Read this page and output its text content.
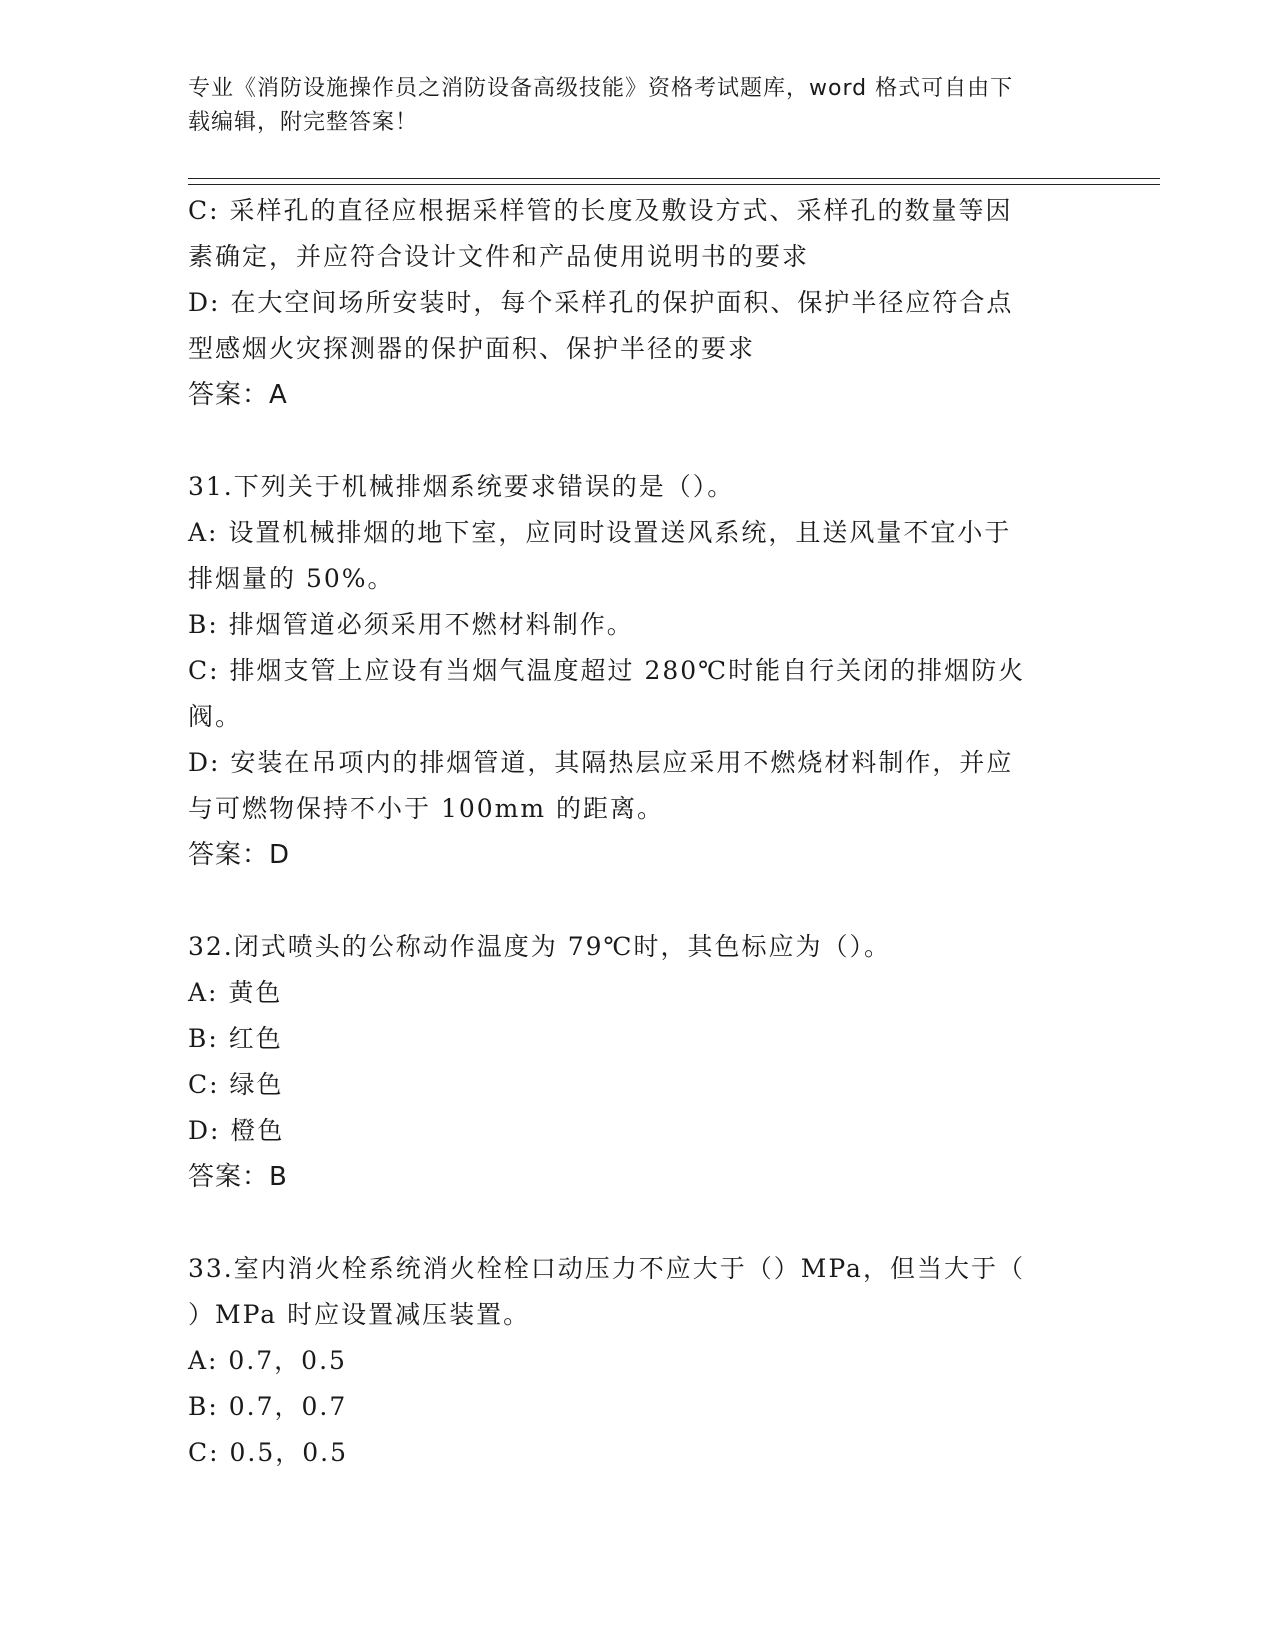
专业《消防设施操作员之消防设备高级技能》资格考试题库，word 格式可自由下
载编辑，附完整答案！
C: 采样孔的直径应根据采样管的长度及敷设方式、采样孔的数量等因
素确定，并应符合设计文件和产品使用说明书的要求
D: 在大空间场所安装时，每个采样孔的保护面积、保护半径应符合点
型感烟火灾探测器的保护面积、保护半径的要求
答案：A
31.下列关于机械排烟系统要求错误的是（）。
A: 设置机械排烟的地下室，应同时设置送风系统，且送风量不宜小于
排烟量的 50%。
B: 排烟管道必须采用不燃材料制作。
C: 排烟支管上应设有当烟气温度超过 280℃时能自行关闭的排烟防火
阀。
D: 安装在吊项内的排烟管道，其隔热层应采用不燃烧材料制作，并应
与可燃物保持不小于 100mm 的距离。
答案：D
32.闭式喷头的公称动作温度为 79℃时，其色标应为（）。
A: 黄色
B: 红色
C: 绿色
D: 橙色
答案：B
33.室内消火栓系统消火栓栓口动压力不应大于（）MPa，但当大于（
）MPa 时应设置减压装置。
A: 0.7，0.5
B: 0.7，0.7
C: 0.5，0.5
